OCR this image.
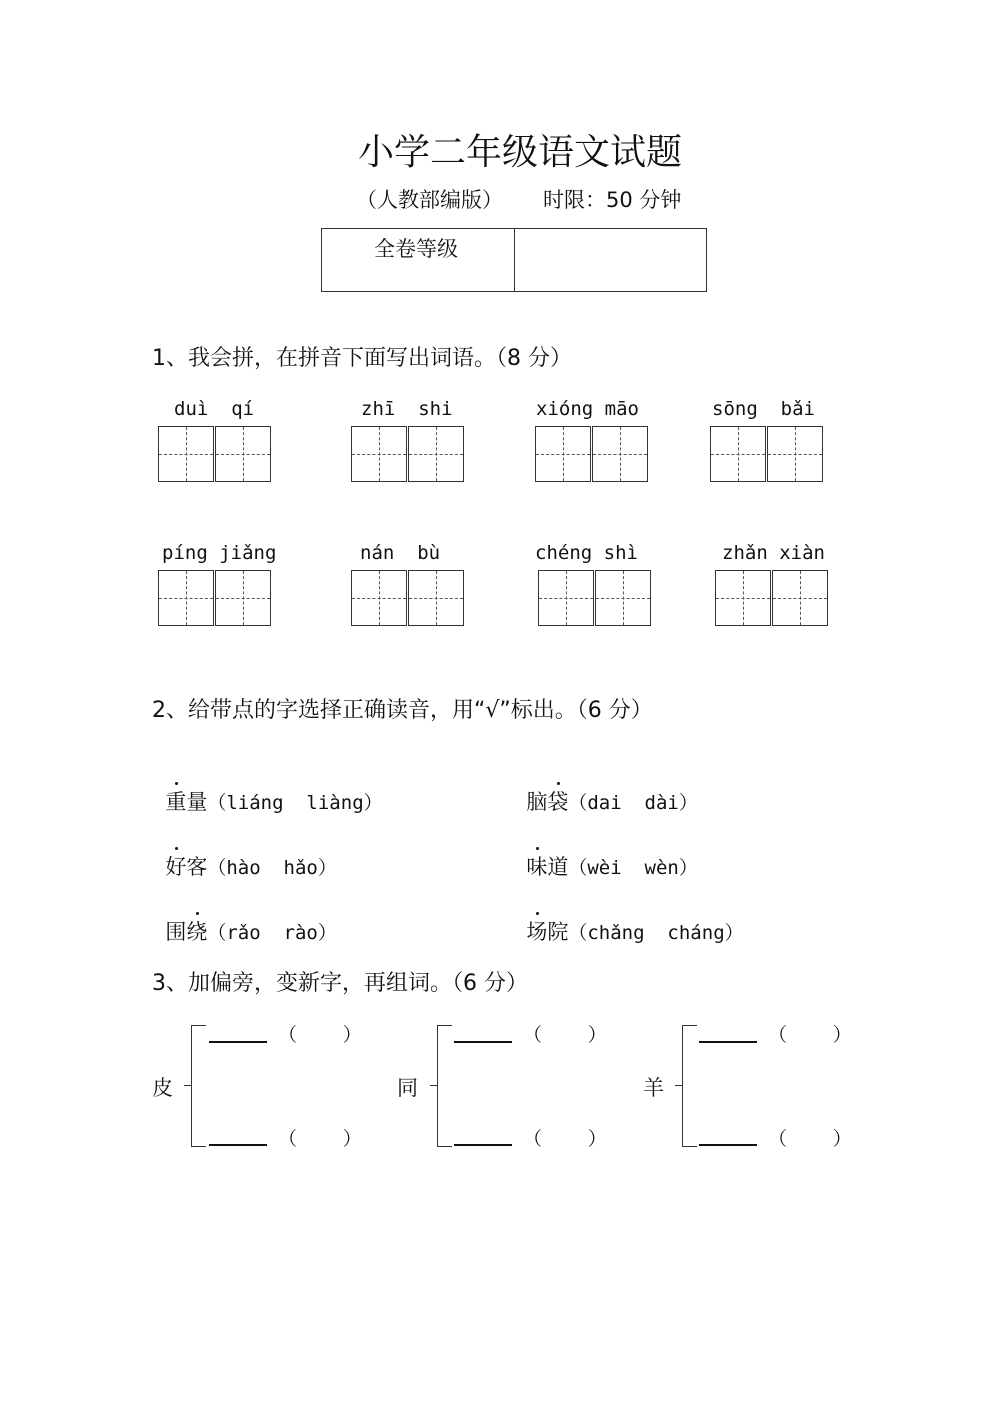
小学二年级语文试题
（人教部编版） 时限：50 分钟
全卷等级
1、我会拼，在拼音下面写出词语。（8 分）
duì  qí	zhī  shi	xióng māo	sōng  bǎi
píng jiǎng	nán  bù	chéng shì	zhǎn xiàn
2、给带点的字选择正确读音，用“√”标出。（6 分）

重量（liáng  liàng）	脑袋（dai  dài）

好客（hào  hǎo）	味道（wèi  wèn）

围绕（rǎo  rào）	场院（chǎng  cháng）

3、加偏旁，变新字，再组词。（6 分）
皮
（    ）
（    ）
同
（    ）
（    ）
羊
（    ）
（    ）
